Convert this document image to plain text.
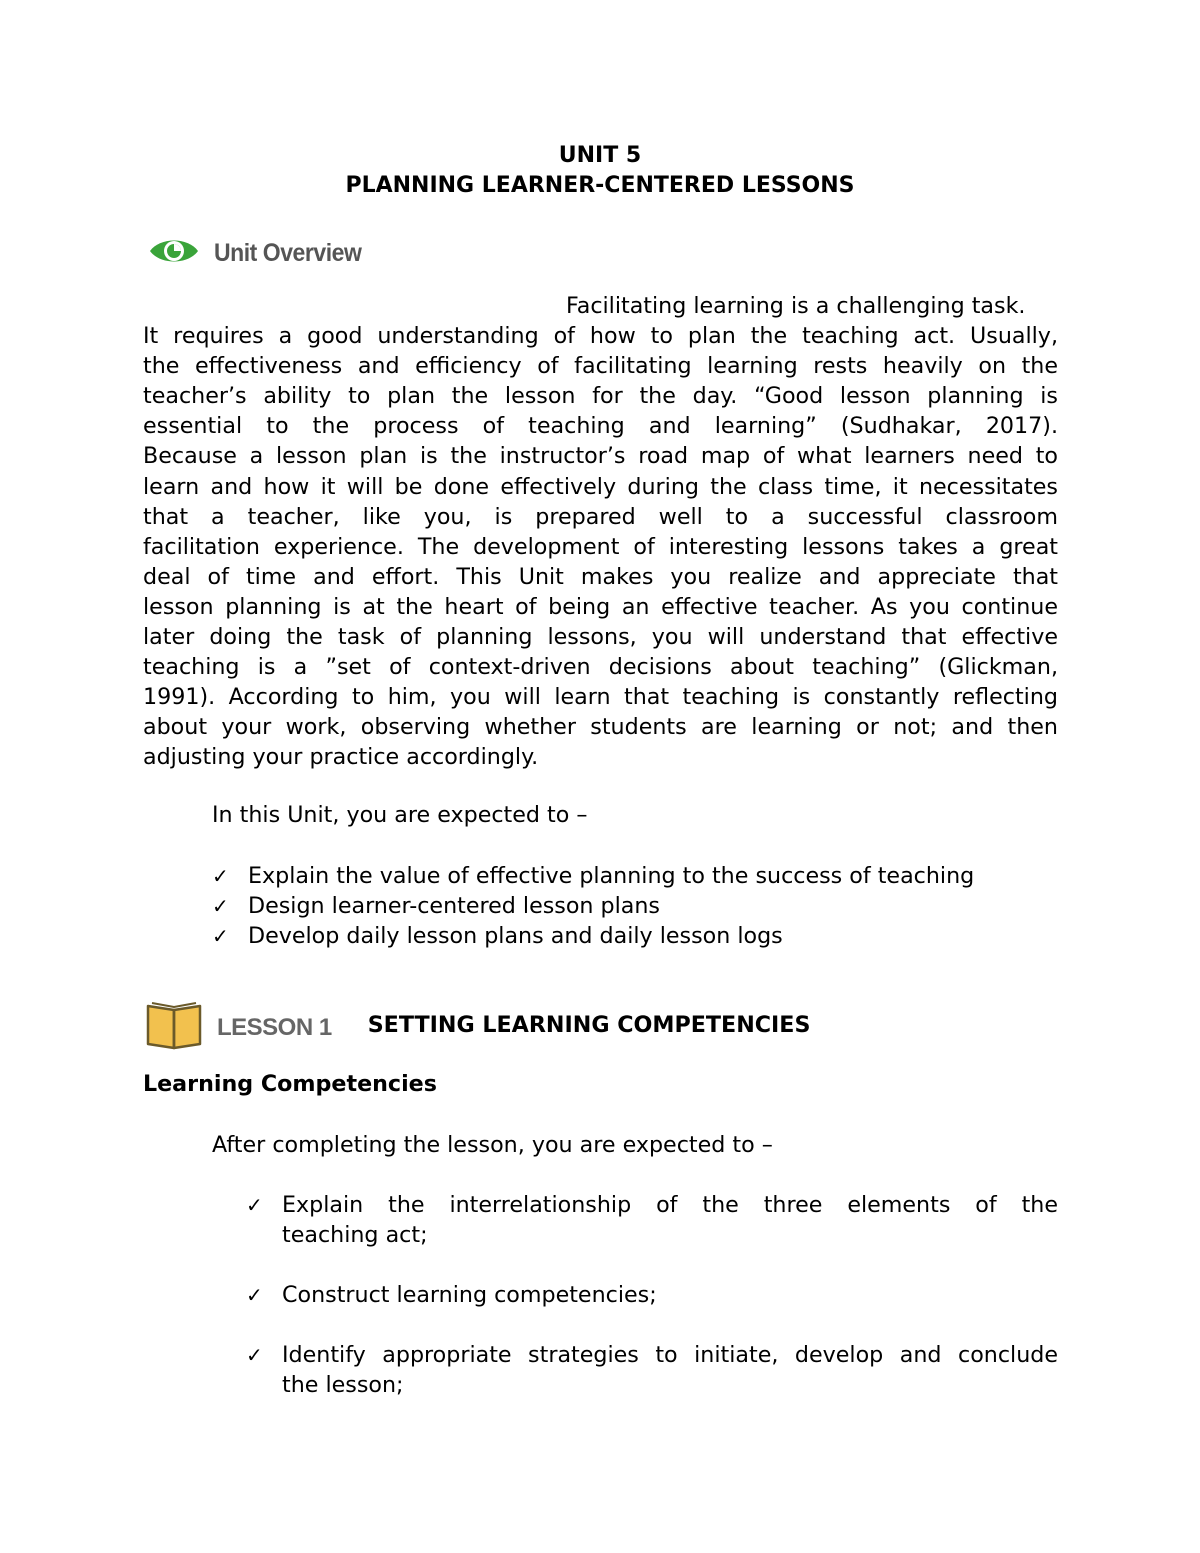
UNIT 5
PLANNING LEARNER-CENTERED LESSONS
Unit Overview
Facilitating learning is a challenging task.
It requires a good understanding of how to plan the teaching act. Usually,
the effectiveness and efficiency of facilitating learning rests heavily on the
teacher’s ability to plan the lesson for the day. “Good lesson planning is
essential to the process of teaching and learning” (Sudhakar, 2017).
Because a lesson plan is the instructor’s road map of what learners need to
learn and how it will be done effectively during the class time, it necessitates
that a teacher, like you, is prepared well to a successful classroom
facilitation experience. The development of interesting lessons takes a great
deal of time and effort. This Unit makes you realize and appreciate that
lesson planning is at the heart of being an effective teacher. As you continue
later doing the task of planning lessons, you will understand that effective
teaching is a ”set of context-driven decisions about teaching” (Glickman,
1991). According to him, you will learn that teaching is constantly reflecting
about your work, observing whether students are learning or not; and then
adjusting your practice accordingly.
In this Unit, you are expected to –
✓ Explain the value of effective planning to the success of teaching
✓ Design learner-centered lesson plans
✓ Develop daily lesson plans and daily lesson logs
LESSON 1 SETTING LEARNING COMPETENCIES
Learning Competencies
After completing the lesson, you are expected to –
✓ Explain the interrelationship of the three elements of the
teaching act;
✓ Construct learning competencies;
✓ Identify appropriate strategies to initiate, develop and conclude
the lesson;
